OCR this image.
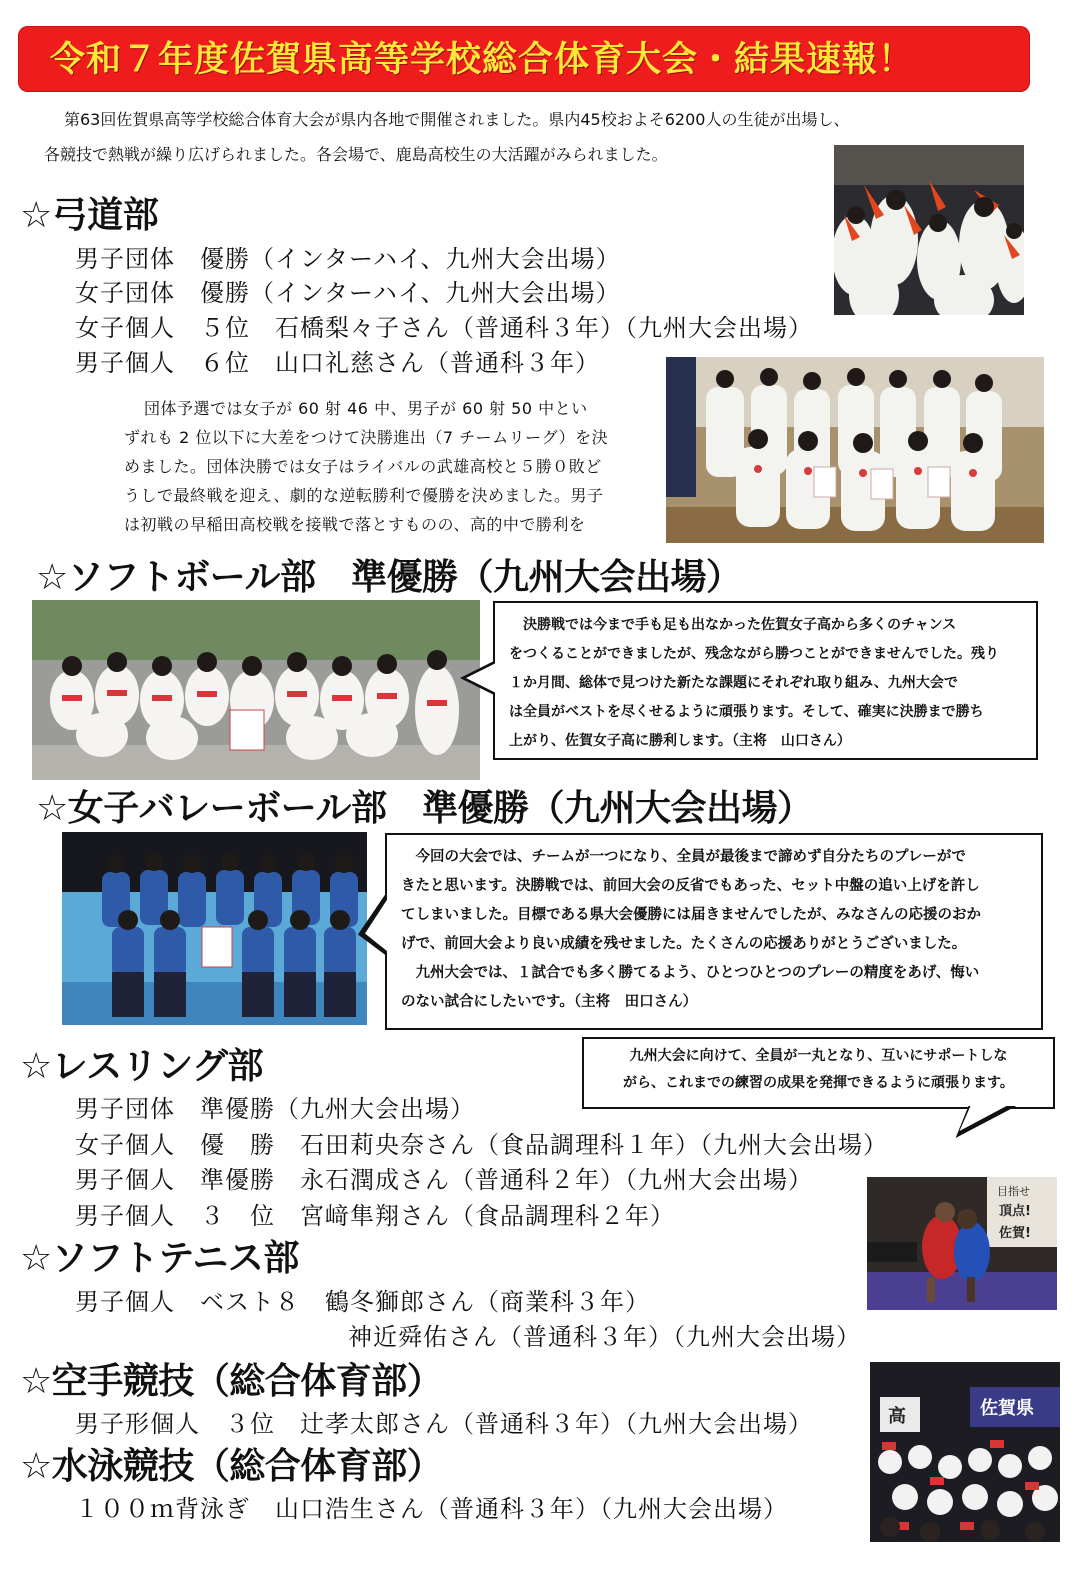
令和７年度佐賀県高等学校総合体育大会・結果速報！
第63回佐賀県高等学校総合体育大会が県内各地で開催されました。県内45校およそ6200人の生徒が出場し、
各競技で熱戦が繰り広げられました。各会場で、鹿島高校生の大活躍がみられました。
☆弓道部
男子団体　優勝（インターハイ、九州大会出場）
女子団体　優勝（インターハイ、九州大会出場）
女子個人　５位　石橋梨々子さん（普通科３年）（九州大会出場）
男子個人　６位　山口礼慈さん（普通科３年）
団体予選では女子が 60 射 46 中、男子が 60 射 50 中とい
ずれも 2 位以下に大差をつけて決勝進出（7 チームリーグ）を決
めました。団体決勝では女子はライバルの武雄高校と５勝０敗ど
うしで最終戦を迎え、劇的な逆転勝利で優勝を決めました。男子
は初戦の早稲田高校戦を接戦で落とすものの、高的中で勝利を
☆ソフトボール部　準優勝（九州大会出場）
　決勝戦では今まで手も足も出なかった佐賀女子高から多くのチャンス
をつくることができましたが、残念ながら勝つことができませんでした。残り
１か月間、総体で見つけた新たな課題にそれぞれ取り組み、九州大会で
は全員がベストを尽くせるように頑張ります。そして、確実に決勝まで勝ち
上がり、佐賀女子高に勝利します。（主将　山口さん）
☆女子バレーボール部　準優勝（九州大会出場）
　今回の大会では、チームが一つになり、全員が最後まで諦めず自分たちのプレーがで
きたと思います。決勝戦では、前回大会の反省でもあった、セット中盤の追い上げを許し
てしまいました。目標である県大会優勝には届きませんでしたが、みなさんの応援のおか
げで、前回大会より良い成績を残せました。たくさんの応援ありがとうございました。
　九州大会では、１試合でも多く勝てるよう、ひとつひとつのプレーの精度をあげ、悔い
のない試合にしたいです。（主将　田口さん）
☆レスリング部	九州大会に向けて、全員が一丸となり、互いにサポートしな
がら、これまでの練習の成果を発揮できるように頑張ります。
男子団体　準優勝（九州大会出場）
女子個人　優　勝　石田莉央奈さん（食品調理科１年）（九州大会出場）
男子個人　準優勝　永石潤成さん（普通科２年）（九州大会出場）
男子個人　３　位　宮﨑隼翔さん（食品調理科２年）
目指せ
頂点!
佐賀!
☆ソフトテニス部
男子個人　ベスト８　鶴冬獅郎さん（商業科３年）
神近舜佑さん（普通科３年）（九州大会出場）
☆空手競技（総合体育部）
男子形個人　３位　辻孝太郎さん（普通科３年）（九州大会出場）
☆水泳競技（総合体育部）
１００ｍ背泳ぎ　山口浩生さん（普通科３年）（九州大会出場）
佐賀県
高
